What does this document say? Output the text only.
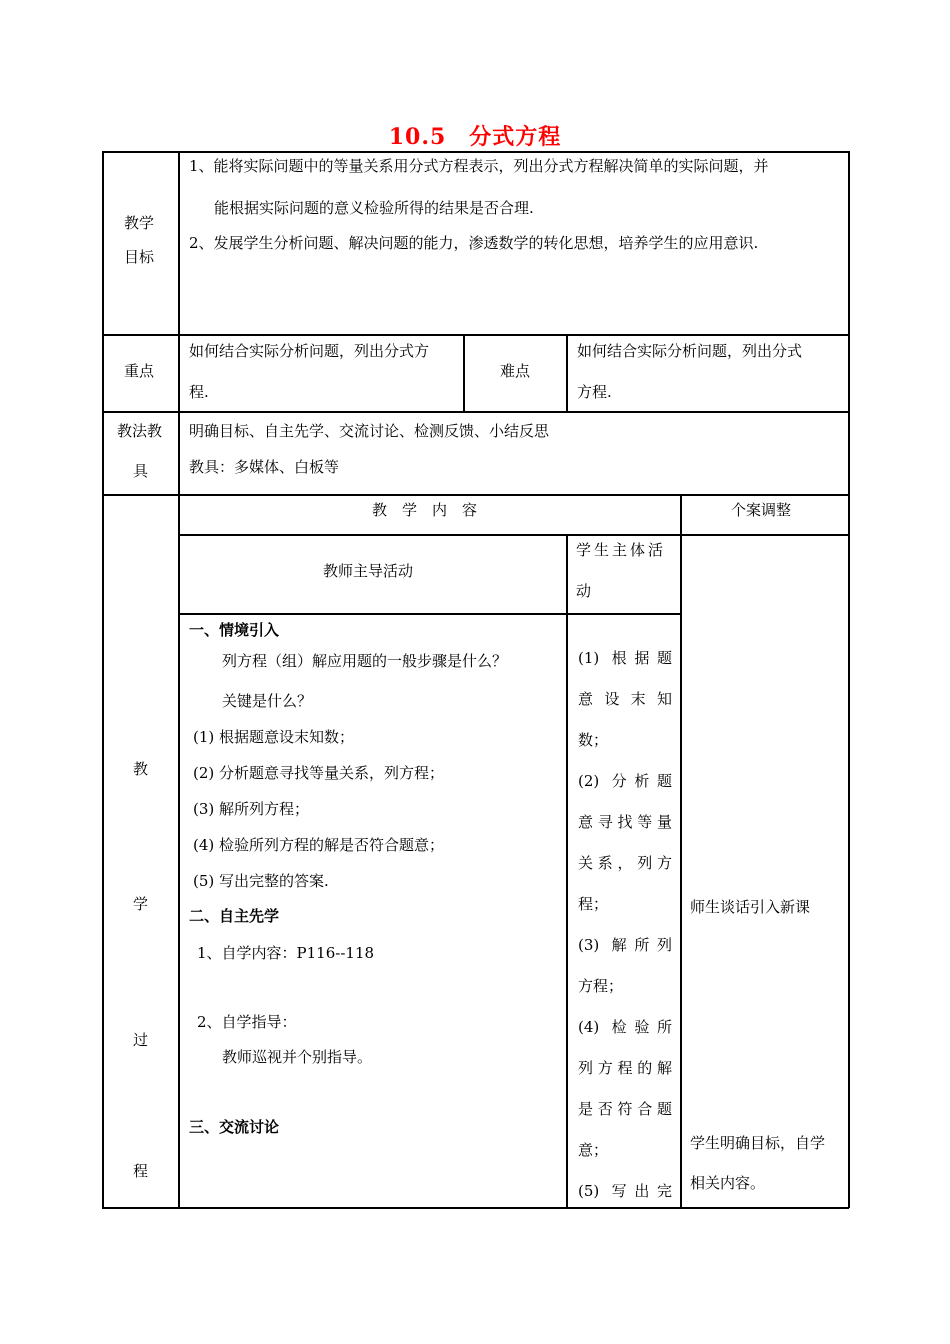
10.5　分式方程
教学
目标
1、能将实际问题中的等量关系用分式方程表示，列出分式方程解决简单的实际问题，并
能根据实际问题的意义检验所得的结果是否合理.
2、发展学生分析问题、解决问题的能力，渗透数学的转化思想，培养学生的应用意识.
重点
如何结合实际分析问题，列出分式方
程.
难点
如何结合实际分析问题，列出分式
方程.
教法教
具
明确目标、自主先学、交流讨论、检测反馈、小结反思
教具：多媒体、白板等
教
学
过
程
教　学　内　容	个案调整
教师主导活动
学生主体活
动
一、情境引入
列方程（组）解应用题的一般步骤是什么？
关键是什么？
(1) 根据题意设末知数；
(2) 分析题意寻找等量关系，列方程；
(3) 解所列方程；
(4) 检验所列方程的解是否符合题意；
(5) 写出完整的答案.
二、自主先学
1、自学内容：P116--118
2、自学指导：
教师巡视并个别指导。
三、交流讨论
(1) 根据题
意设末知
数；
(2) 分析题
意寻找等量
关系，列方
程；
(3) 解所列
方程；
(4) 检验所
列方程的解
是否符合题
意；
(5) 写出完
师生谈话引入新课
学生明确目标，自学
相关内容。
